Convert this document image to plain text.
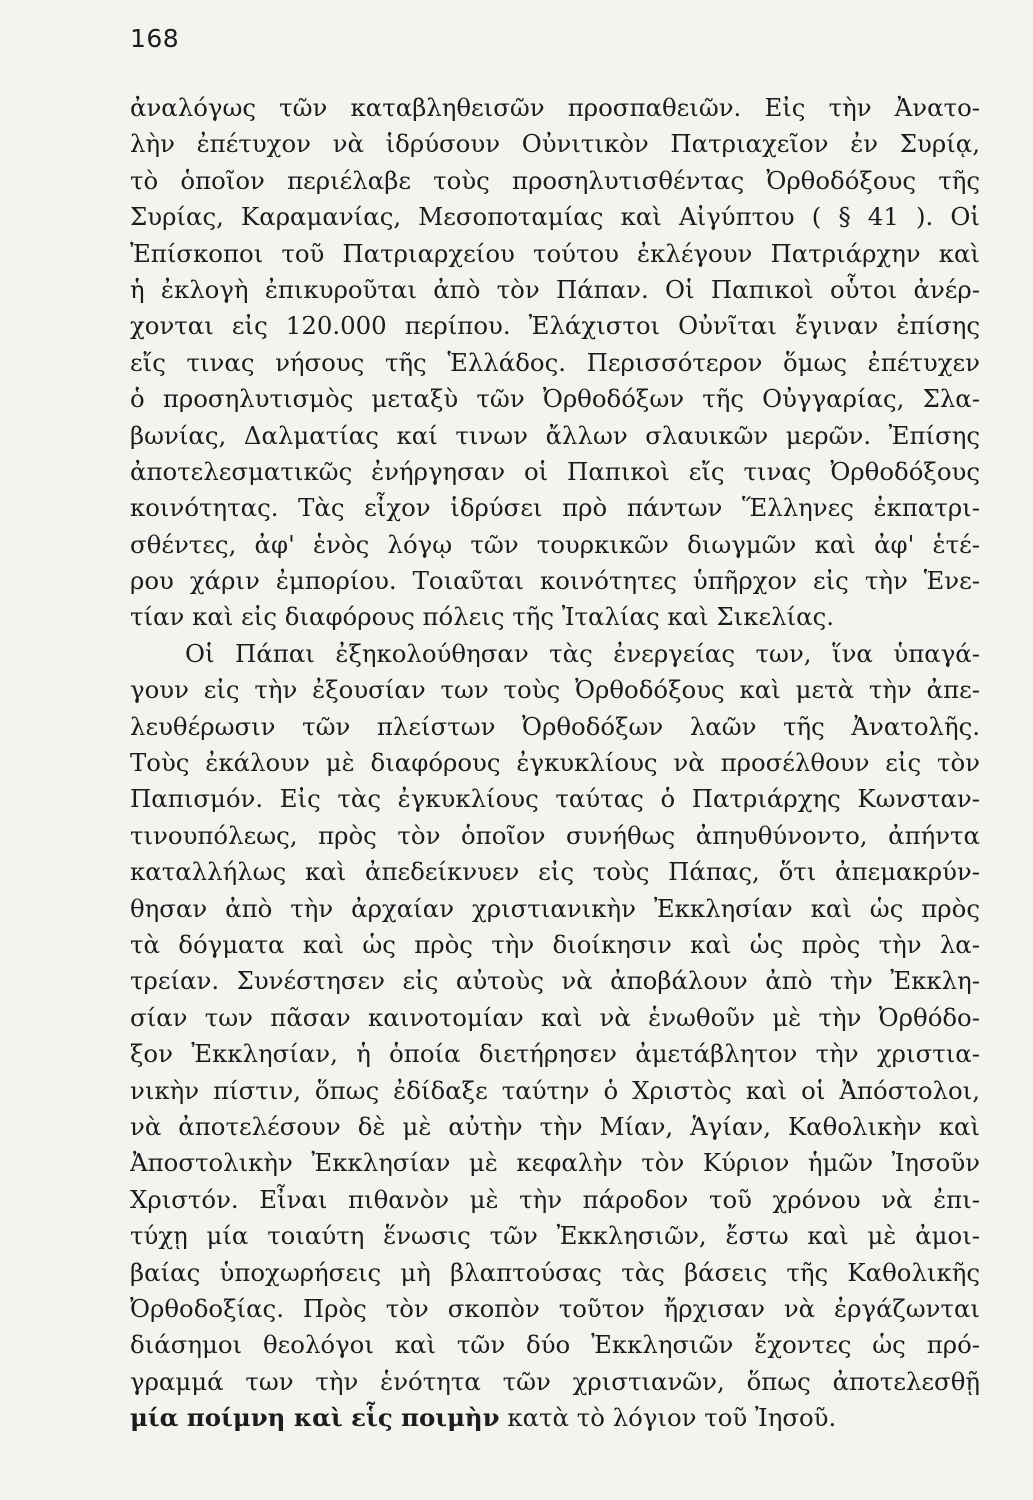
168
ἀναλόγως τῶν καταβληθεισῶν προσπαθειῶν. Εἰς τὴν Ἀνατο-
λὴν ἐπέτυχον νὰ ἱδρύσουν Οὐνιτικὸν Πατριαχεῖον ἐν Συρίᾳ,
τὸ ὁποῖον περιέλαβε τοὺς προσηλυτισθέντας Ὀρθοδόξους τῆς
Συρίας, Καραμανίας, Μεσοποταμίας καὶ Αἰγύπτου ( § 41 ). Οἱ
Ἐπίσκοποι τοῦ Πατριαρχείου τούτου ἐκλέγουν Πατριάρχην καὶ
ἡ ἐκλογὴ ἐπικυροῦται ἀπὸ τὸν Πάπαν. Οἱ Παπικοὶ οὗτοι ἀνέρ-
χονται εἰς 120.000 περίπου. Ἐλάχιστοι Οὐνῖται ἔγιναν ἐπίσης
εἴς τινας νήσους τῆς Ἑλλάδος. Περισσότερον ὅμως ἐπέτυχεν
ὁ προσηλυτισμὸς μεταξὺ τῶν Ὀρθοδόξων τῆς Οὐγγαρίας, Σλα-
βωνίας, Δαλματίας καί τινων ἄλλων σλαυικῶν μερῶν. Ἐπίσης
ἀποτελεσματικῶς ἐνήργησαν οἱ Παπικοὶ εἴς τινας Ὀρθοδόξους
κοινότητας. Τὰς εἶχον ἱδρύσει πρὸ πάντων Ἕλληνες ἐκπατρι-
σθέντες, ἀφ' ἑνὸς λόγῳ τῶν τουρκικῶν διωγμῶν καὶ ἀφ' ἑτέ-
ρου χάριν ἐμπορίου. Τοιαῦται κοινότητες ὑπῆρχον εἰς τὴν Ἑνε-
τίαν καὶ εἰς διαφόρους πόλεις τῆς Ἰταλίας καὶ Σικελίας.
Οἱ Πάπαι ἐξηκολούθησαν τὰς ἐνεργείας των, ἵνα ὑπαγά-
γουν εἰς τὴν ἐξουσίαν των τοὺς Ὀρθοδόξους καὶ μετὰ τὴν ἀπε-
λευθέρωσιν τῶν πλείστων Ὀρθοδόξων λαῶν τῆς Ἀνατολῆς.
Τοὺς ἐκάλουν μὲ διαφόρους ἐγκυκλίους νὰ προσέλθουν εἰς τὸν
Παπισμόν. Εἰς τὰς ἐγκυκλίους ταύτας ὁ Πατριάρχης Κωνσταν-
τινουπόλεως, πρὸς τὸν ὁποῖον συνήθως ἀπηυθύνοντο, ἀπήντα
καταλλήλως καὶ ἀπεδείκνυεν εἰς τοὺς Πάπας, ὅτι ἀπεμακρύν-
θησαν ἀπὸ τὴν ἀρχαίαν χριστιανικὴν Ἐκκλησίαν καὶ ὡς πρὸς
τὰ δόγματα καὶ ὡς πρὸς τὴν διοίκησιν καὶ ὡς πρὸς τὴν λα-
τρείαν. Συνέστησεν εἰς αὐτοὺς νὰ ἀποβάλουν ἀπὸ τὴν Ἐκκλη-
σίαν των πᾶσαν καινοτομίαν καὶ νὰ ἑνωθοῦν μὲ τὴν Ὀρθόδο-
ξον Ἐκκλησίαν, ἡ ὁποία διετήρησεν ἀμετάβλητον τὴν χριστια-
νικὴν πίστιν, ὅπως ἐδίδαξε ταύτην ὁ Χριστὸς καὶ οἱ Ἀπόστολοι,
νὰ ἀποτελέσουν δὲ μὲ αὐτὴν τὴν Μίαν, Ἁγίαν, Καθολικὴν καὶ
Ἀποστολικὴν Ἐκκλησίαν μὲ κεφαλὴν τὸν Κύριον ἡμῶν Ἰησοῦν
Χριστόν. Εἶναι πιθανὸν μὲ τὴν πάροδον τοῦ χρόνου νὰ ἐπι-
τύχῃ μία τοιαύτη ἕνωσις τῶν Ἐκκλησιῶν, ἔστω καὶ μὲ ἀμοι-
βαίας ὑποχωρήσεις μὴ βλαπτούσας τὰς βάσεις τῆς Καθολικῆς
Ὀρθοδοξίας. Πρὸς τὸν σκοπὸν τοῦτον ἤρχισαν νὰ ἐργάζωνται
διάσημοι θεολόγοι καὶ τῶν δύο Ἐκκλησιῶν ἔχοντες ὡς πρό-
γραμμά των τὴν ἑνότητα τῶν χριστιανῶν, ὅπως ἀποτελεσθῇ
μία ποίμνη καὶ εἷς ποιμὴν κατὰ τὸ λόγιον τοῦ Ἰησοῦ.
